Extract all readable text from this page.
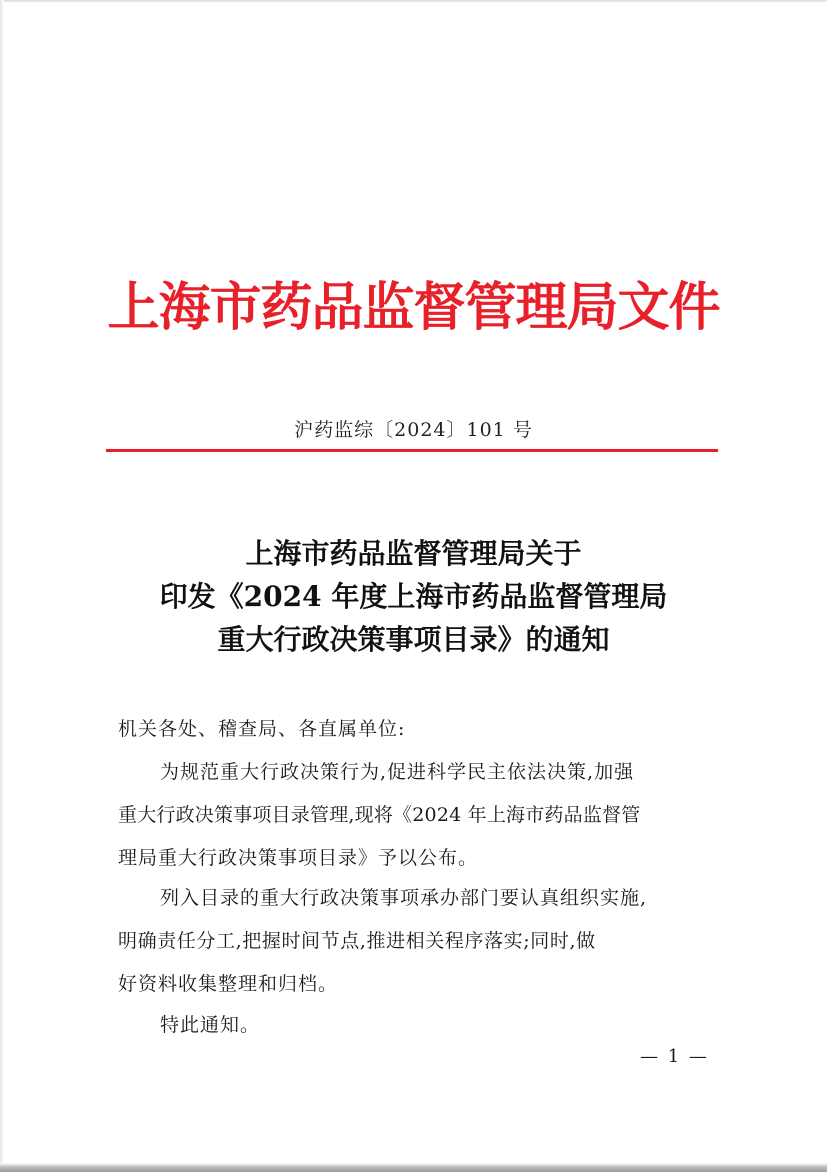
上海市药品监督管理局文件
沪药监综〔2024〕101 号
上海市药品监督管理局关于
印发《2024 年度上海市药品监督管理局
重大行政决策事项目录》的通知
机关各处、稽查局、各直属单位:
为规范重大行政决策行为,促进科学民主依法决策,加强
重大行政决策事项目录管理,现将《2024 年上海市药品监督管
理局重大行政决策事项目录》予以公布。
列入目录的重大行政决策事项承办部门要认真组织实施,
明确责任分工,把握时间节点,推进相关程序落实;同时,做
好资料收集整理和归档。
特此通知。
— 1 —
